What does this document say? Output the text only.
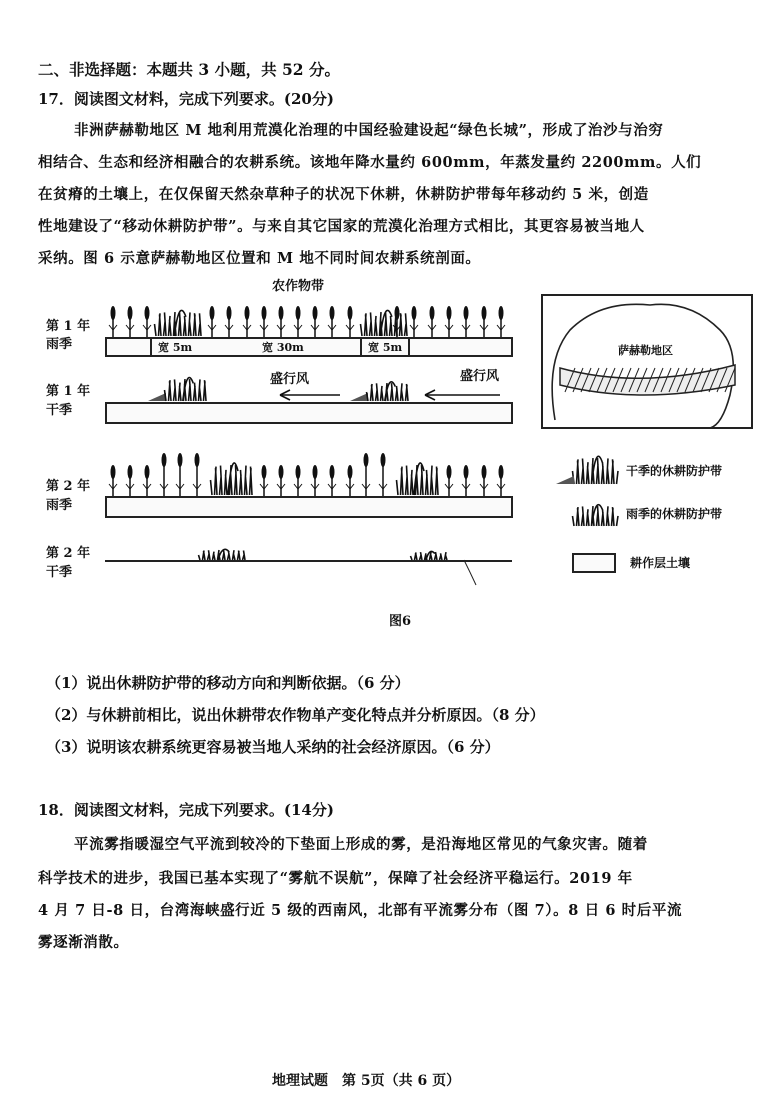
二、非选择题：本题共 3 小题，共 52 分。
17．阅读图文材料，完成下列要求。(20分)
非洲萨赫勒地区 M 地利用荒漠化治理的中国经验建设起“绿色长城”，形成了治沙与治穷
相结合、生态和经济相融合的农耕系统。该地年降水量约 600mm，年蒸发量约 2200mm。人们
在贫瘠的土壤上，在仅保留天然杂草种子的状况下休耕，休耕防护带每年移动约 5 米，创造
性地建设了“移动休耕防护带”。与来自其它国家的荒漠化治理方式相比，其更容易被当地人
采纳。图 6 示意萨赫勒地区位置和 M 地不同时间农耕系统剖面。
农作物带
第 1 年
雨季
第 1 年
干季
第 2 年
雨季
第 2 年
干季
宽 5m	宽 30m	宽 5m
盛行风	盛行风
萨赫勒地区
干季的休耕防护带
雨季的休耕防护带
耕作层土壤
图6
（1）说出休耕防护带的移动方向和判断依据。（6 分）
（2）与休耕前相比，说出休耕带农作物单产变化特点并分析原因。（8 分）
（3）说明该农耕系统更容易被当地人采纳的社会经济原因。（6 分）
18．阅读图文材料，完成下列要求。(14分)
平流雾指暖湿空气平流到较冷的下垫面上形成的雾，是沿海地区常见的气象灾害。随着
科学技术的进步，我国已基本实现了“雾航不误航”，保障了社会经济平稳运行。2019 年
4 月 7 日-8 日，台湾海峡盛行近 5 级的西南风，北部有平流雾分布（图 7）。8 日 6 时后平流
雾逐渐消散。
地理试题　第 5页（共 6 页）
